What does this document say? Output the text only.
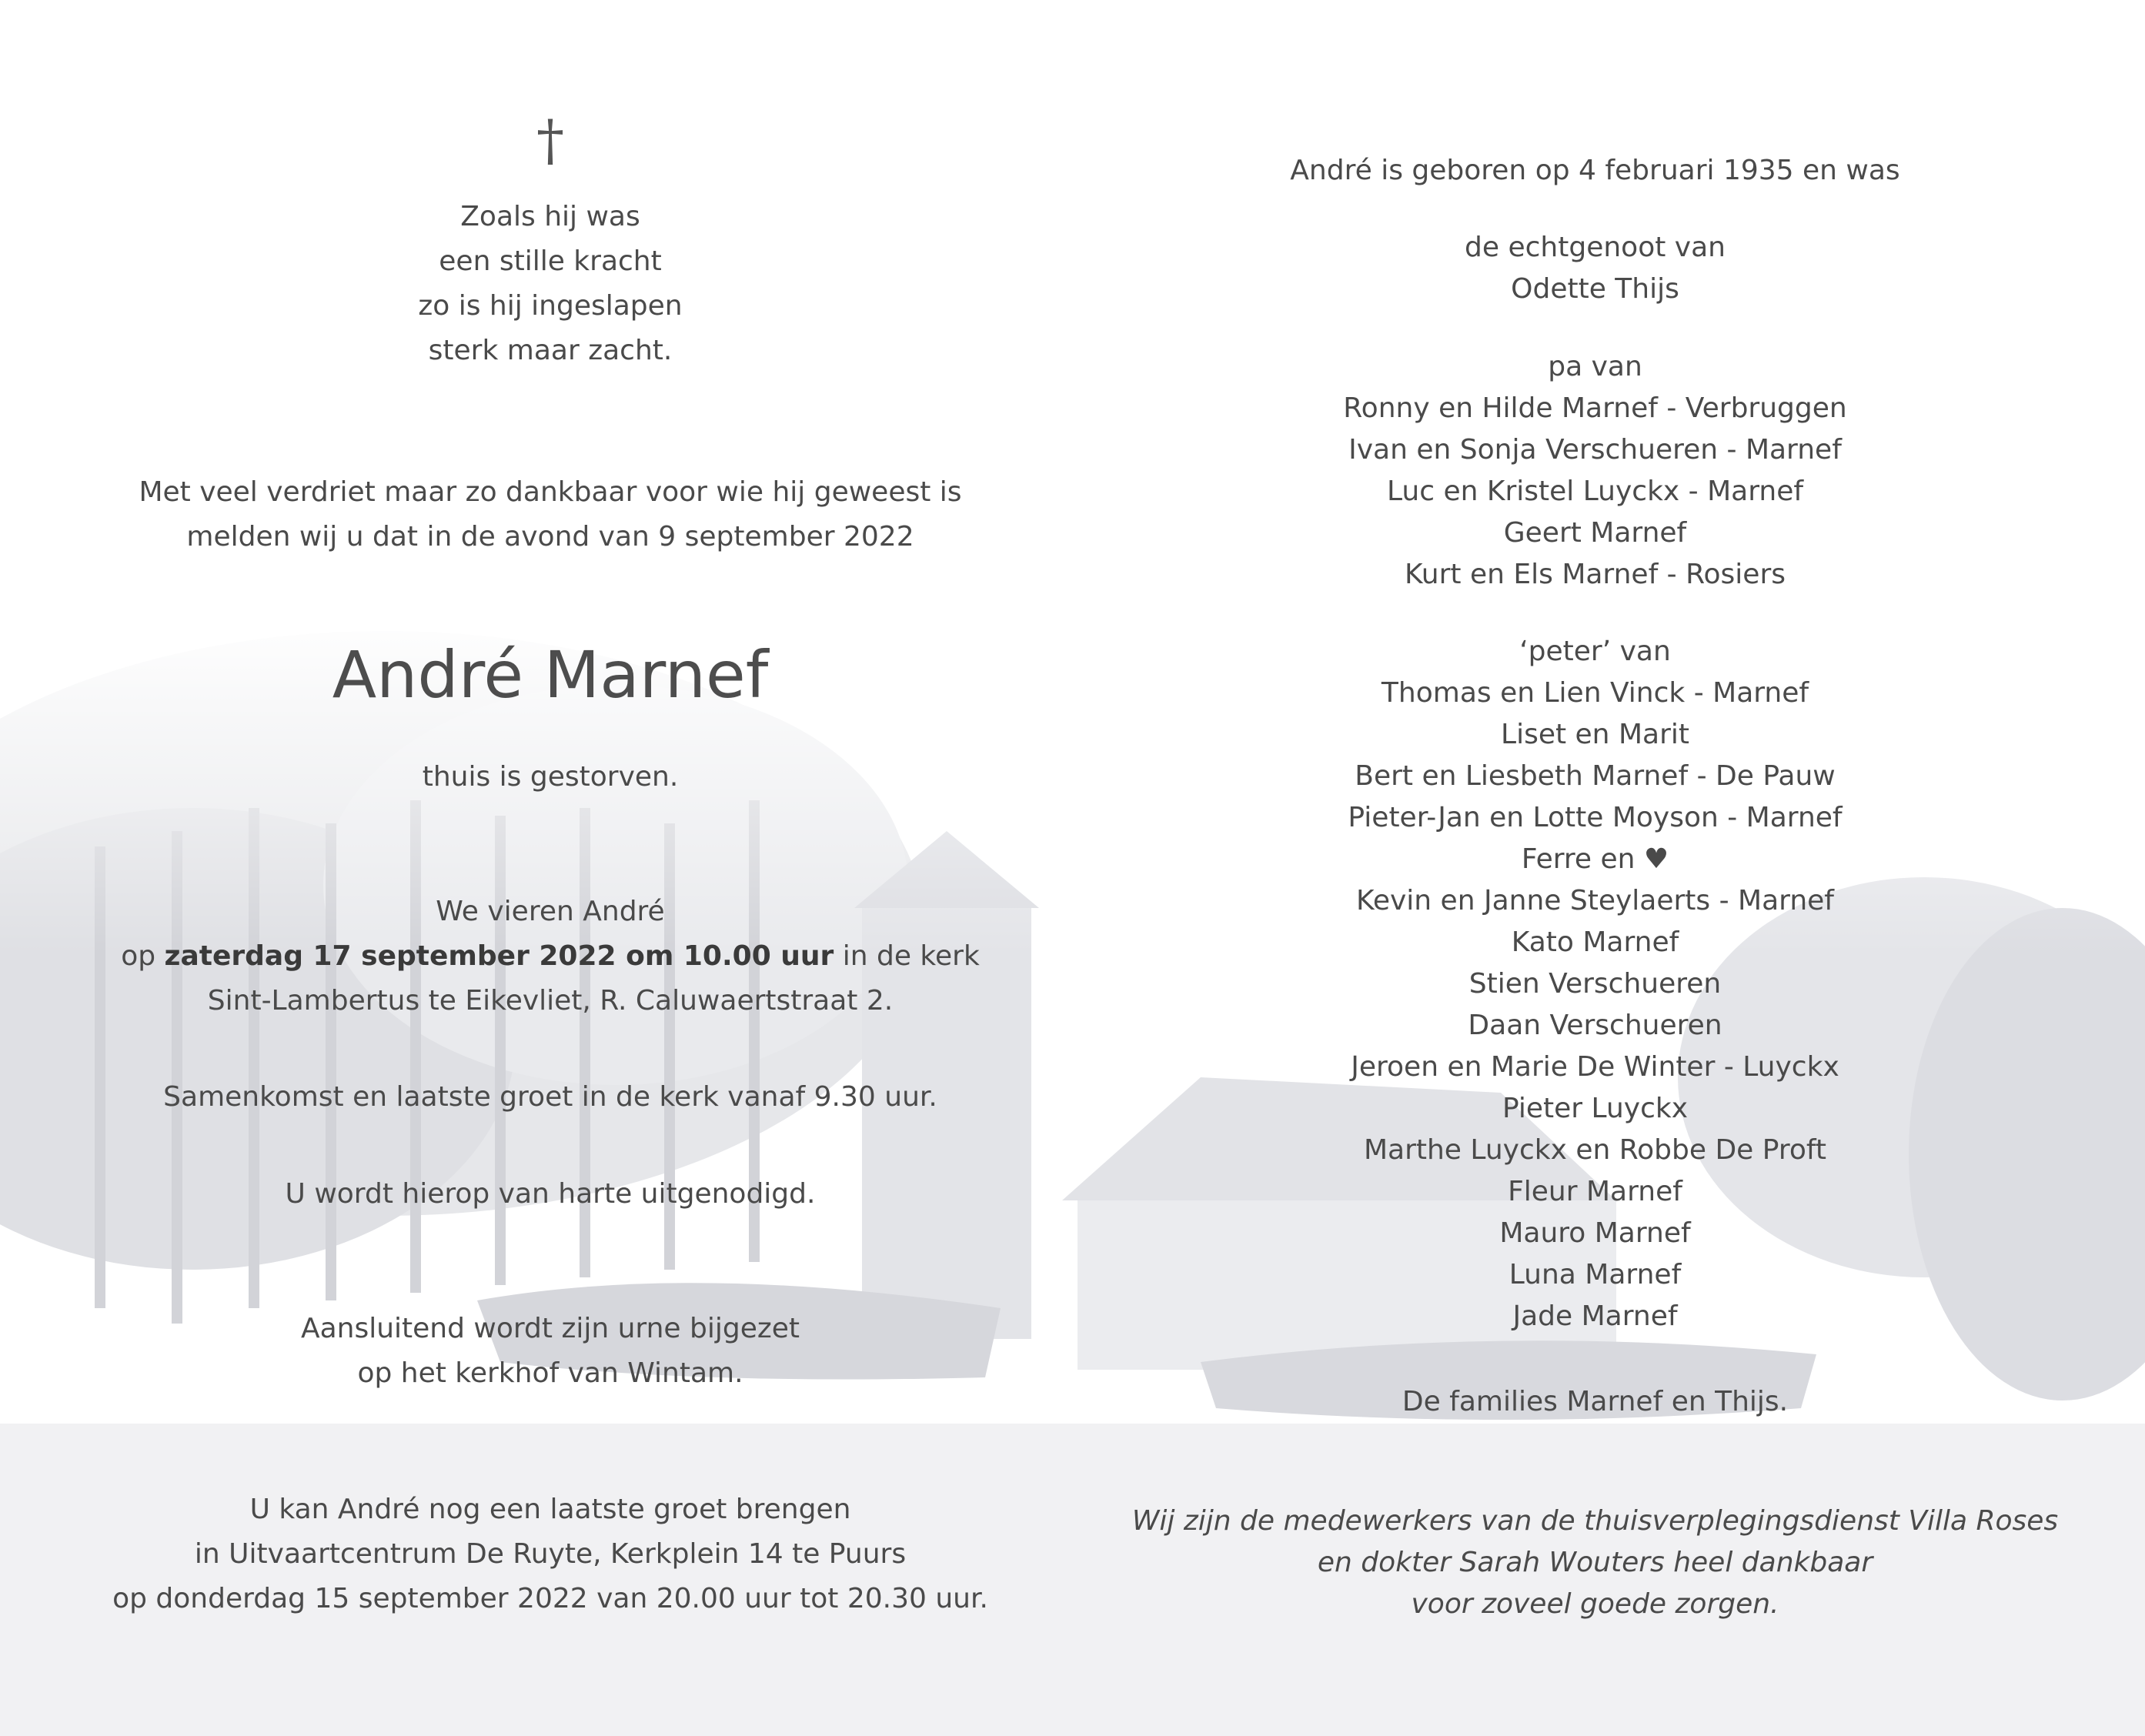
†
Zoals hij was
een stille kracht
zo is hij ingeslapen
sterk maar zacht.
Met veel verdriet maar zo dankbaar voor wie hij geweest is
melden wij u dat in de avond van 9 september 2022
André Marnef
thuis is gestorven.
We vieren André
op zaterdag 17 september 2022 om 10.00 uur in de kerk
Sint-Lambertus te Eikevliet, R. Caluwaertstraat 2.
Samenkomst en laatste groet in de kerk vanaf 9.30 uur.
U wordt hierop van harte uitgenodigd.
Aansluitend wordt zijn urne bijgezet
op het kerkhof van Wintam.
U kan André nog een laatste groet brengen
in Uitvaartcentrum De Ruyte, Kerkplein 14 te Puurs
op donderdag 15 september 2022 van 20.00 uur tot 20.30 uur.
André is geboren op 4 februari 1935 en was
de echtgenoot van
Odette Thijs
pa van
Ronny en Hilde Marnef - Verbruggen
Ivan en Sonja Verschueren - Marnef
Luc en Kristel Luyckx - Marnef
Geert Marnef
Kurt en Els Marnef - Rosiers
‘peter’ van
Thomas en Lien Vinck - Marnef
Liset en Marit
Bert en Liesbeth Marnef - De Pauw
Pieter-Jan en Lotte Moyson - Marnef
Ferre en ♥
Kevin en Janne Steylaerts - Marnef
Kato Marnef
Stien Verschueren
Daan Verschueren
Jeroen en Marie De Winter - Luyckx
Pieter Luyckx
Marthe Luyckx en Robbe De Proft
Fleur Marnef
Mauro Marnef
Luna Marnef
Jade Marnef
De families Marnef en Thijs.
Wij zijn de medewerkers van de thuisverplegingsdienst Villa Roses
en dokter Sarah Wouters heel dankbaar
voor zoveel goede zorgen.
